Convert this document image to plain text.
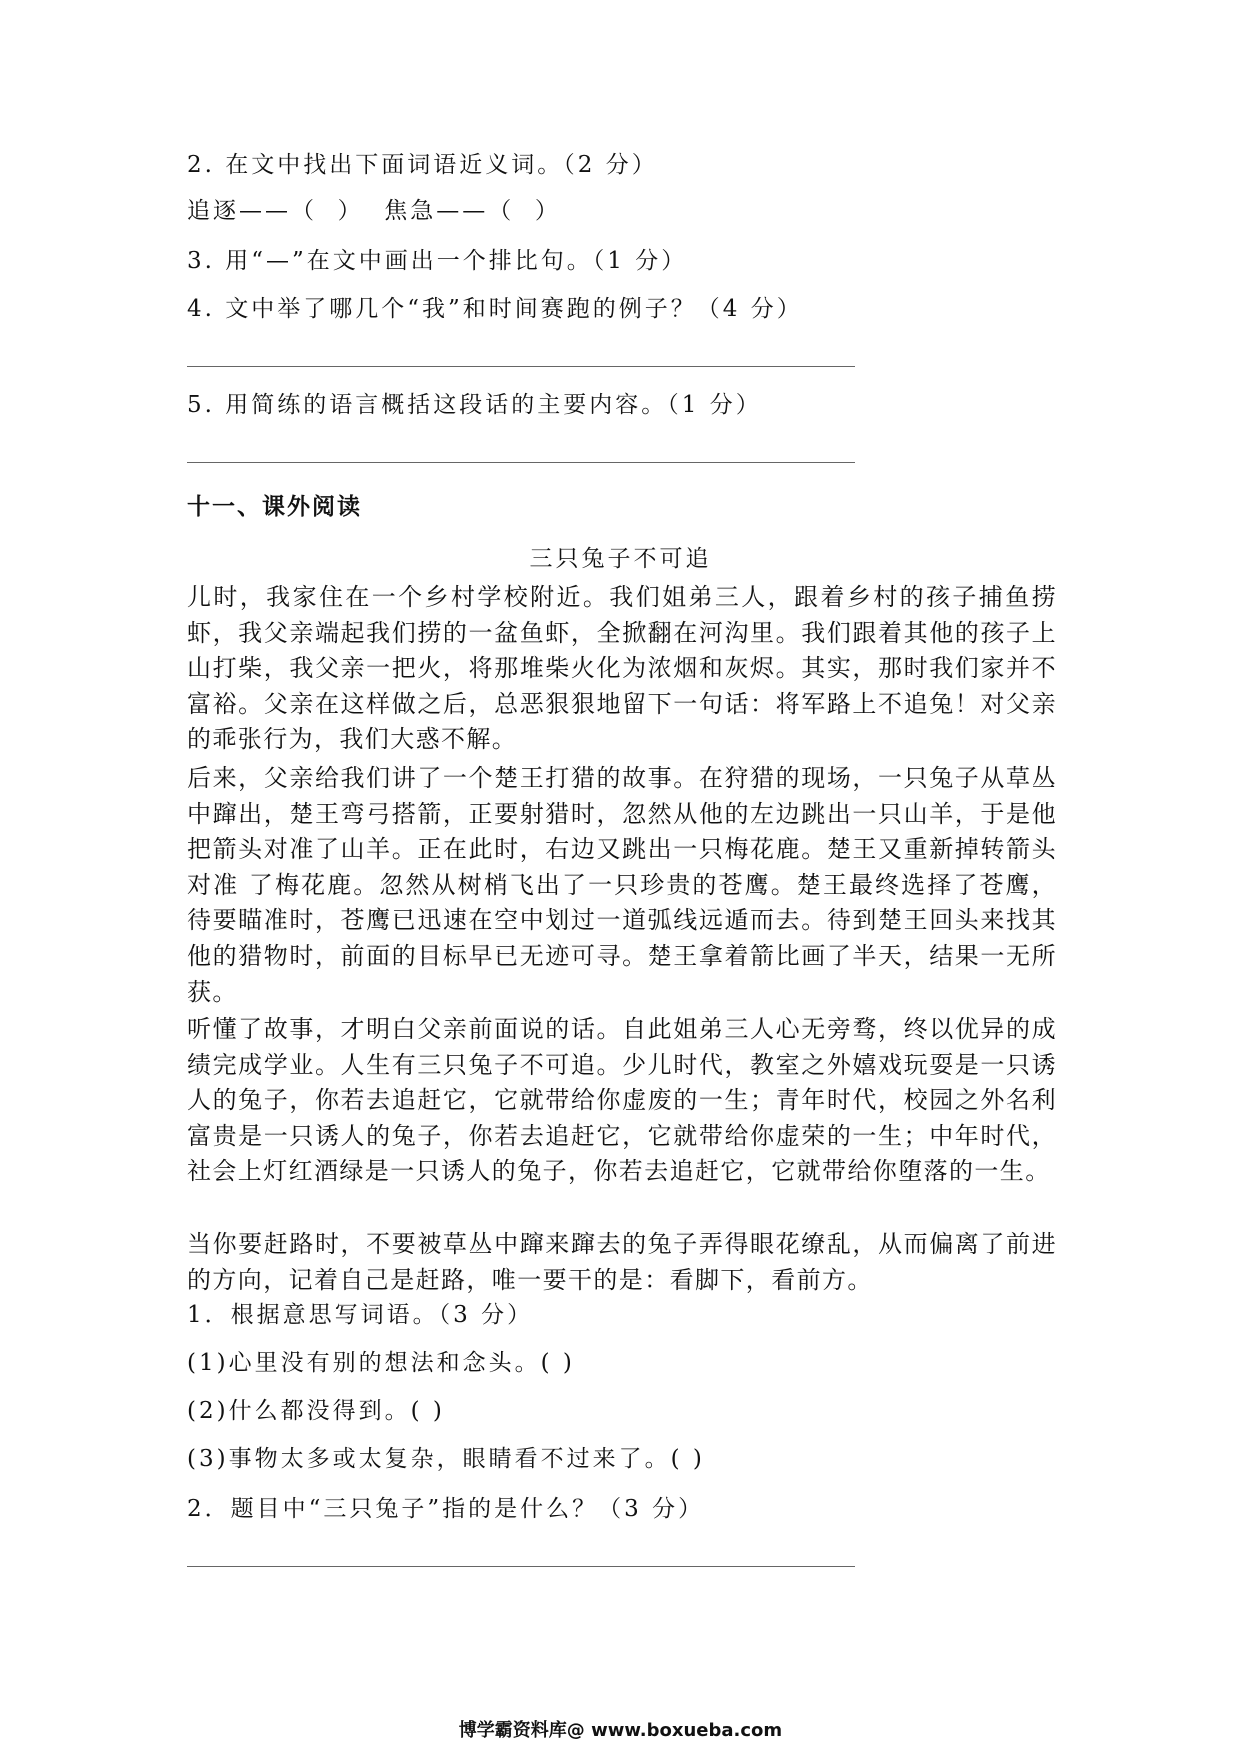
2. 在文中找出下面词语近义词。（2 分）
追逐——（  ）  焦急——（  ）
3. 用“—”在文中画出一个排比句。（1 分）
4. 文中举了哪几个“我”和时间赛跑的例子？（4 分）
5. 用简练的语言概括这段话的主要内容。（1 分）
十一、课外阅读
三只兔子不可追

儿时，我家住在一个乡村学校附近。我们姐弟三人，跟着乡村的孩子捕鱼捞虾，我父亲端起我们捞的一盆鱼虾，全掀翻在河沟里。我们跟着其他的孩子上山打柴，我父亲一把火，将那堆柴火化为浓烟和灰烬。其实，那时我们家并不富裕。父亲在这样做之后，总恶狠狠地留下一句话：将军路上不追兔！对父亲的乖张行为，我们大惑不解。

后来，父亲给我们讲了一个楚王打猎的故事。在狩猎的现场，一只兔子从草丛中蹿出，楚王弯弓搭箭，正要射猎时，忽然从他的左边跳出一只山羊，于是他把箭头对准了山羊。正在此时，右边又跳出一只梅花鹿。楚王又重新掉转箭头对准 了梅花鹿。忽然从树梢飞出了一只珍贵的苍鹰。楚王最终选择了苍鹰，待要瞄准时，苍鹰已迅速在空中划过一道弧线远遁而去。待到楚王回头来找其他的猎物时，前面的目标早已无迹可寻。楚王拿着箭比画了半天，结果一无所获。

听懂了故事，才明白父亲前面说的话。自此姐弟三人心无旁骛，终以优异的成绩完成学业。人生有三只兔子不可追。少儿时代，教室之外嬉戏玩耍是一只诱人的兔子，你若去追赶它，它就带给你虚废的一生；青年时代，校园之外名利富贵是一只诱人的兔子，你若去追赶它，它就带给你虚荣的一生；中年时代，社会上灯红酒绿是一只诱人的兔子，你若去追赶它，它就带给你堕落的一生。

当你要赶路时，不要被草丛中蹿来蹿去的兔子弄得眼花缭乱，从而偏离了前进的方向，记着自己是赶路，唯一要干的是：看脚下，看前方。

1．根据意思写词语。（3 分）
(1)心里没有别的想法和念头。( )
(2)什么都没得到。( )
(3)事物太多或太复杂，眼睛看不过来了。( )
2．题目中“三只兔子”指的是什么？（3 分）
博学霸资料库@ www.boxueba.com
